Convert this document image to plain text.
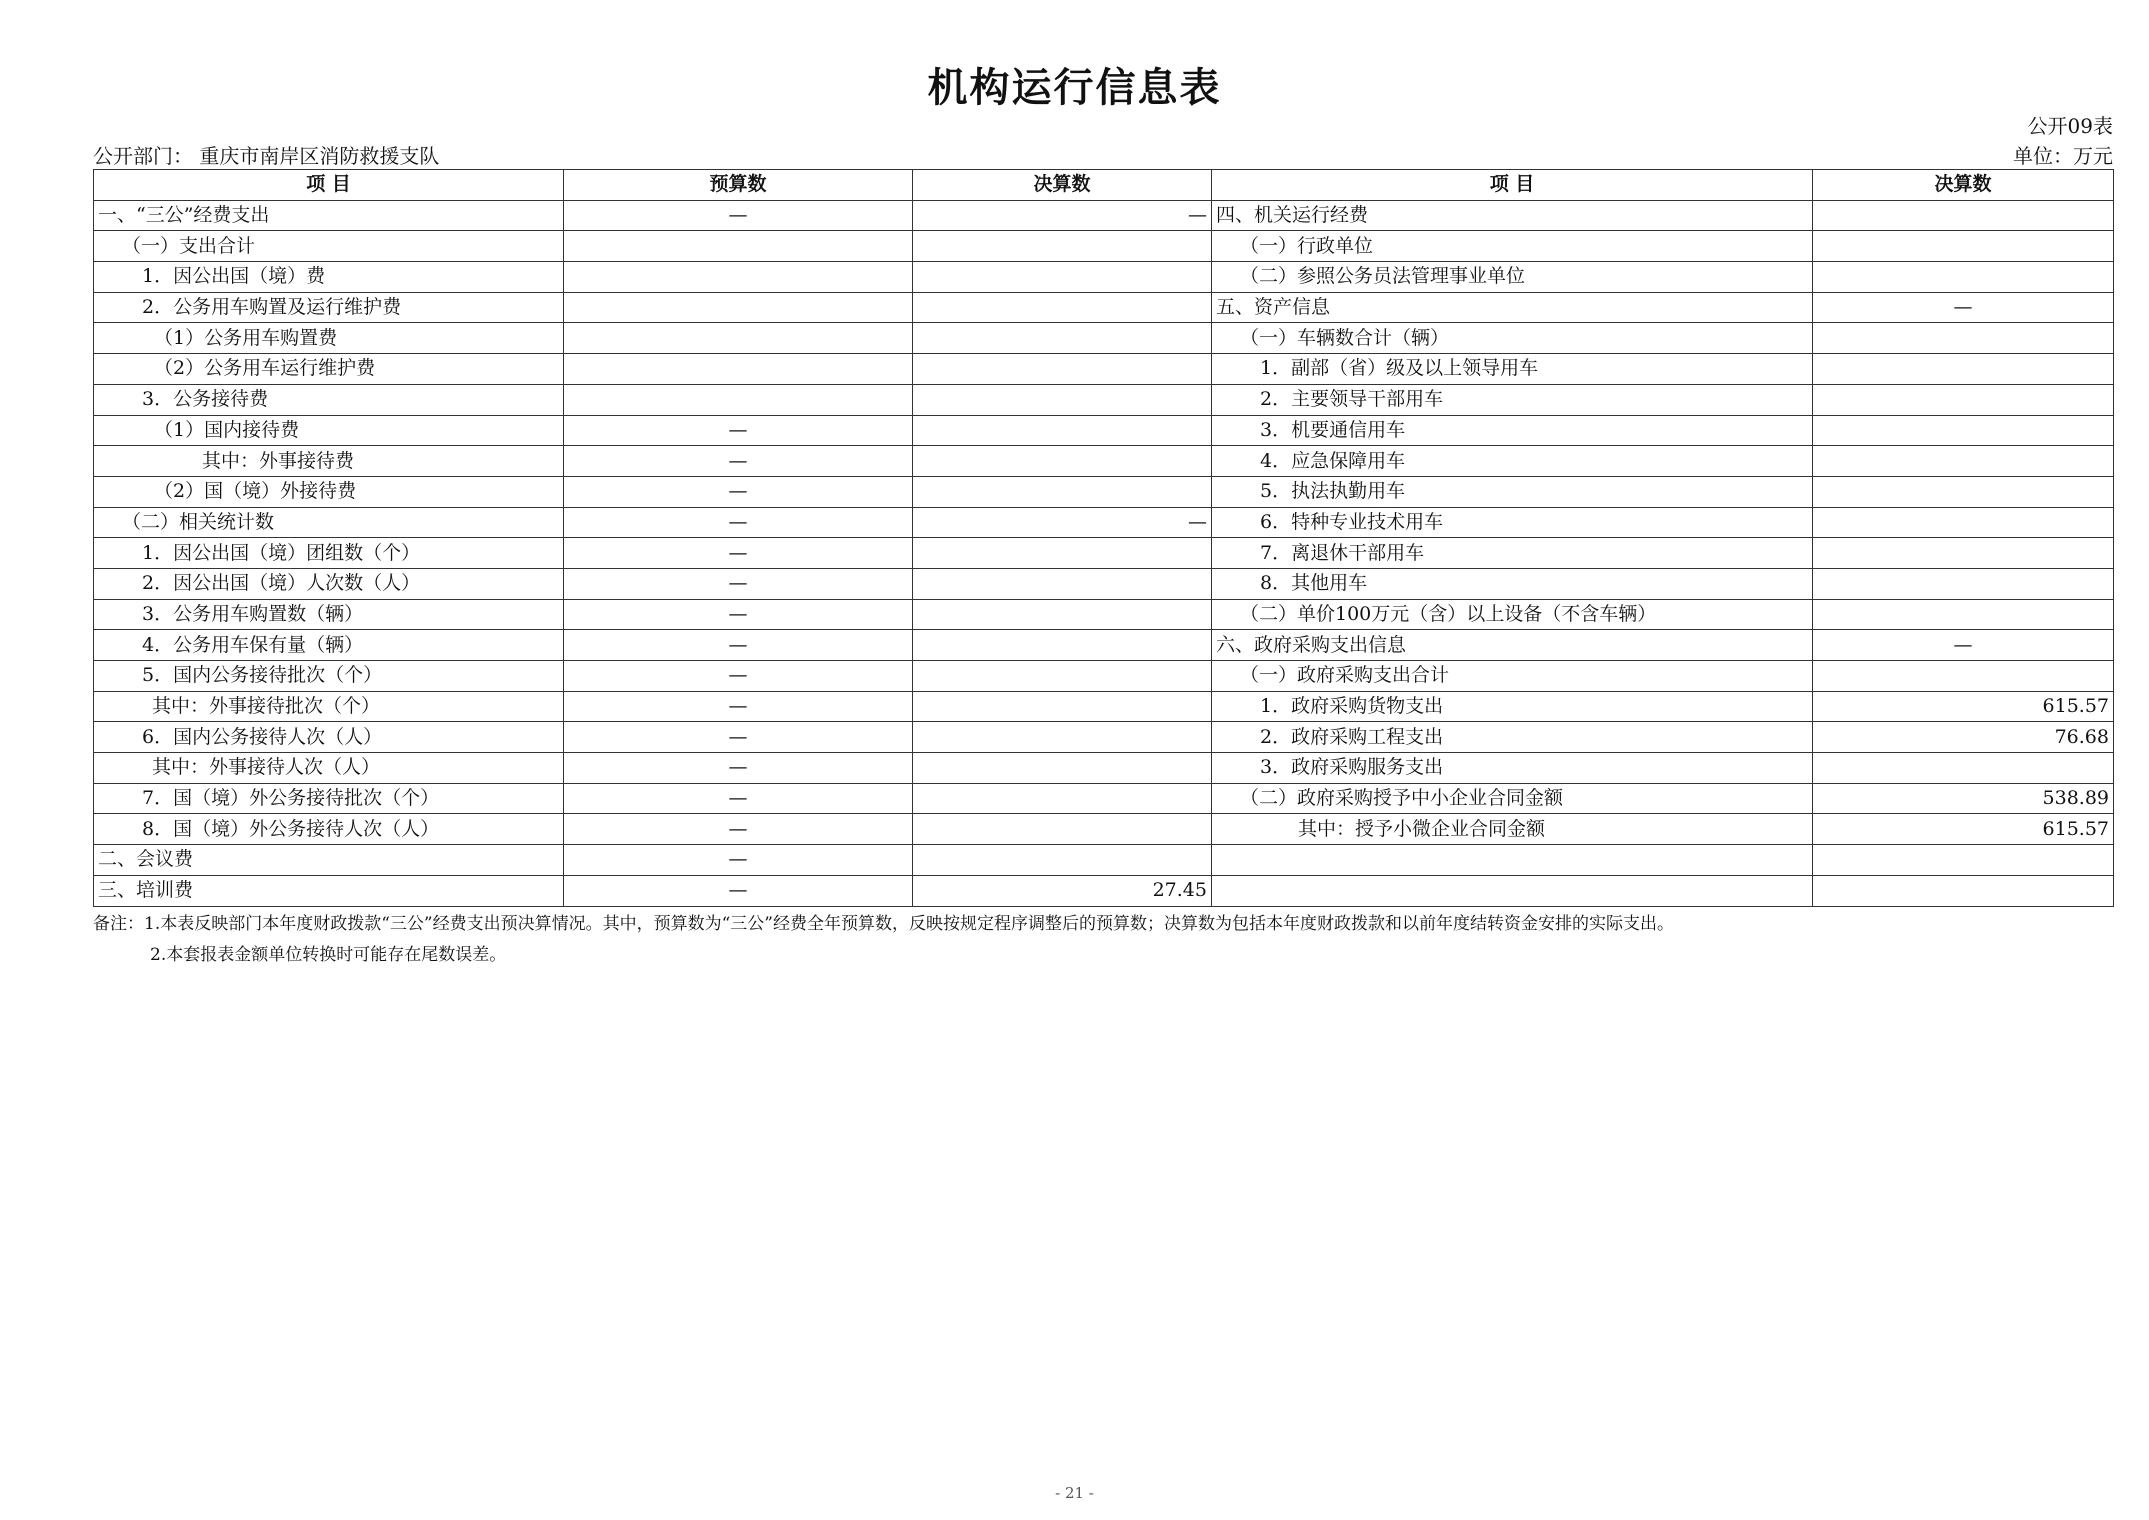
机构运行信息表
公开09表
公开部门： 重庆市南岸区消防救援支队	单位：万元
项 目	预算数	决算数	项 目	决算数
一、“三公”经费支出	—	—	四、机关运行经费	
（一）支出合计			（一）行政单位	
1．因公出国（境）费			（二）参照公务员法管理事业单位	
2．公务用车购置及运行维护费			五、资产信息	—
（1）公务用车购置费			（一）车辆数合计（辆）	
（2）公务用车运行维护费			1．副部（省）级及以上领导用车	
3．公务接待费			2．主要领导干部用车	
（1）国内接待费	—		3．机要通信用车	
其中：外事接待费	—		4．应急保障用车	
（2）国（境）外接待费	—		5．执法执勤用车	
（二）相关统计数	—	—	6．特种专业技术用车	
1．因公出国（境）团组数（个）	—		7．离退休干部用车	
2．因公出国（境）人次数（人）	—		8．其他用车	
3．公务用车购置数（辆）	—		（二）单价100万元（含）以上设备（不含车辆）	
4．公务用车保有量（辆）	—		六、政府采购支出信息	—
5．国内公务接待批次（个）	—		（一）政府采购支出合计	
其中：外事接待批次（个）	—		1．政府采购货物支出	615.57
6．国内公务接待人次（人）	—		2．政府采购工程支出	76.68
其中：外事接待人次（人）	—		3．政府采购服务支出	
7．国（境）外公务接待批次（个）	—		（二）政府采购授予中小企业合同金额	538.89
8．国（境）外公务接待人次（人）	—		其中：授予小微企业合同金额	615.57
二、会议费	—			
三、培训费	—	27.45		
备注：1.本表反映部门本年度财政拨款“三公”经费支出预决算情况。其中，预算数为“三公”经费全年预算数，反映按规定程序调整后的预算数；决算数为包括本年度财政拨款和以前年度结转资金安排的实际支出。
2.本套报表金额单位转换时可能存在尾数误差。
- 21 -
